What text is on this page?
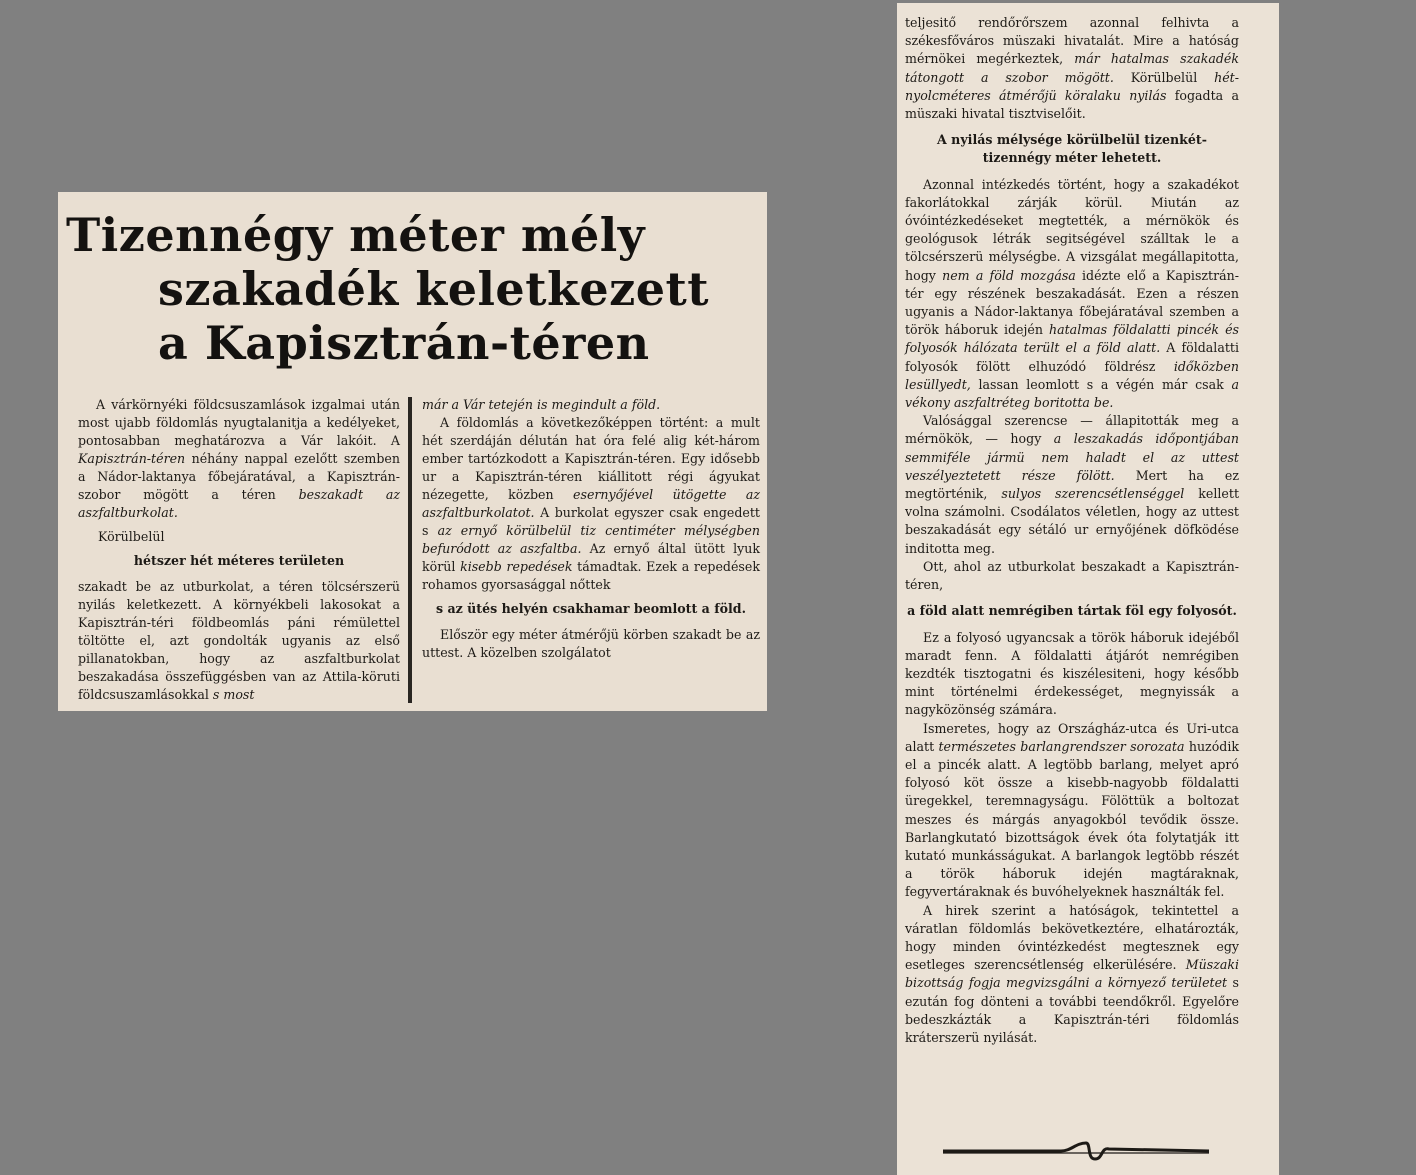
Tizennégy méter mély
szakadék keletkezett
a Kapisztrán-téren

A várkörnyéki földcsuszamlások izgalmai után most ujabb földomlás nyugtalanitja a kedélyeket, pontosabban meghatározva a Vár lakóit. A Kapisztrán-téren néhány nappal ezelőtt szemben a Nádor-laktanya főbejáratával, a Kapisztrán-szobor mögött a téren beszakadt az aszfaltburkolat.

Körülbelül

hétszer hét méteres területen

szakadt be az utburkolat, a téren tölcsérszerü nyilás keletkezett. A környékbeli lakosokat a Kapisztrán-téri földbeomlás páni rémülettel töltötte el, azt gondolták ugyanis az első pillanatokban, hogy az aszfaltburkolat beszakadása összefüggésben van az Attila-köruti földcsuszamlásokkal s most

már a Vár tetején is megindult a föld.

A földomlás a következőképpen történt: a mult hét szerdáján délután hat óra felé alig két-három ember tartózkodott a Kapisztrán-téren. Egy idősebb ur a Kapisztrán-téren kiállitott régi ágyukat nézegette, közben esernyőjével ütögette az aszfaltburkolatot. A burkolat egyszer csak engedett s az ernyő körülbelül tiz centiméter mélységben befuródott az aszfaltba. Az ernyő által ütött lyuk körül kisebb repedések támadtak. Ezek a repedések rohamos gyorsasággal nőttek

s az ütés helyén csakhamar beomlott a föld.

Először egy méter átmérőjü körben szakadt be az uttest. A közelben szolgálatot

teljesitő rendőrőrszem azonnal felhivta a székesfőváros müszaki hivatalát. Mire a hatóság mérnökei megérkeztek, már hatalmas szakadék tátongott a szobor mögött. Körülbelül hét-nyolcméteres átmérőjü köralaku nyilás fogadta a müszaki hivatal tisztviselőit.

A nyilás mélysége körülbelül tizenkét-tizennégy méter lehetett.

Azonnal intézkedés történt, hogy a szakadékot fakorlátokkal zárják körül. Miután az óvóintézkedéseket megtették, a mérnökök és geológusok létrák segitségével szálltak le a tölcsérszerü mélységbe. A vizsgálat megállapitotta, hogy nem a föld mozgása idézte elő a Kapisztrán-tér egy részének beszakadását. Ezen a részen ugyanis a Nádor-laktanya főbejáratával szemben a török háboruk idején hatalmas földalatti pincék és folyosók hálózata terült el a föld alatt. A földalatti folyosók fölött elhuzódó földrész időközben lesüllyedt, lassan leomlott s a végén már csak a vékony aszfaltréteg boritotta be.

Valósággal szerencse — állapitották meg a mérnökök, — hogy a leszakadás időpontjában semmiféle jármü nem haladt el az uttest veszélyeztetett része fölött. Mert ha ez megtörténik, sulyos szerencsétlenséggel kellett volna számolni. Csodálatos véletlen, hogy az uttest beszakadását egy sétáló ur ernyőjének döfködése inditotta meg.

Ott, ahol az utburkolat beszakadt a Kapisztrán-téren,

a föld alatt nemrégiben tártak föl egy folyosót.

Ez a folyosó ugyancsak a török háboruk idejéből maradt fenn. A földalatti átjárót nemrégiben kezdték tisztogatni és kiszélesiteni, hogy később mint történelmi érdekességet, megnyissák a nagyközönség számára.

Ismeretes, hogy az Országház-utca és Uri-utca alatt természetes barlangrendszer sorozata huzódik el a pincék alatt. A legtöbb barlang, melyet apró folyosó köt össze a kisebb-nagyobb földalatti üregekkel, teremnagyságu. Fölöttük a boltozat meszes és márgás anyagokból tevődik össze. Barlangkutató bizottságok évek óta folytatják itt kutató munkásságukat. A barlangok legtöbb részét a török háboruk idején magtáraknak, fegyvertáraknak és buvóhelyeknek használták fel.

A hirek szerint a hatóságok, tekintettel a váratlan földomlás bekövetkeztére, elhatározták, hogy minden óvintézkedést megtesznek egy esetleges szerencsétlenség elkerülésére. Müszaki bizottság fogja megvizsgálni a környező területet s ezután fog dönteni a további teendőkről. Egyelőre bedeszkázták a Kapisztrán-téri földomlás kráterszerü nyilását.
